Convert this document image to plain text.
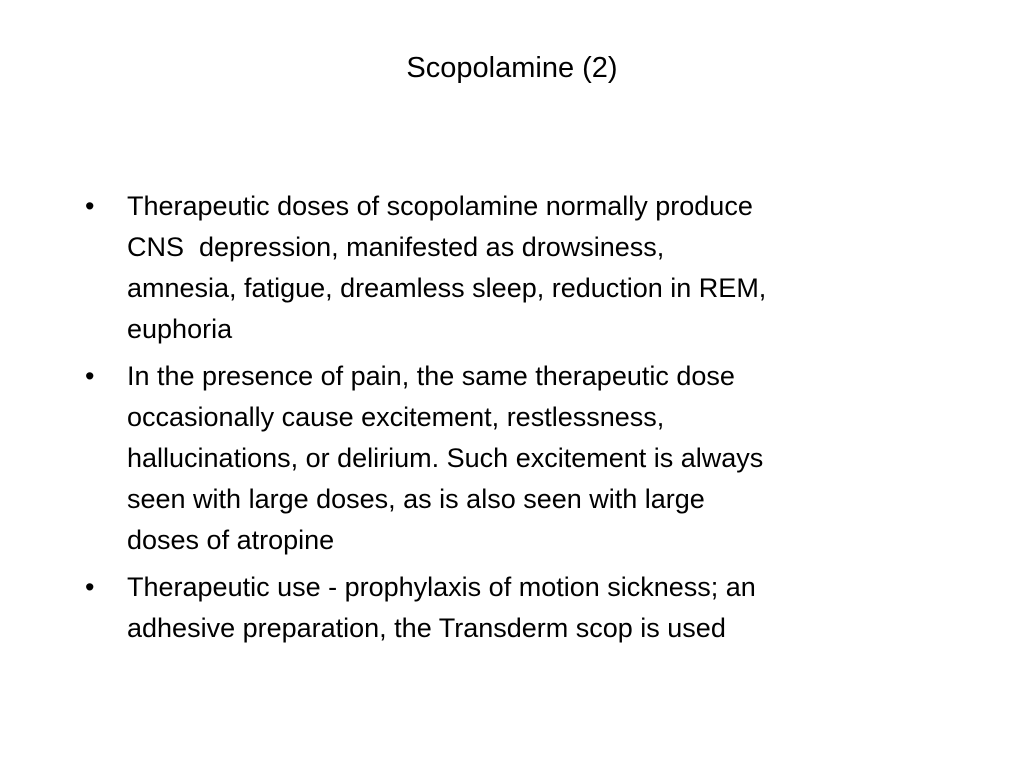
Scopolamine (2)
•	Therapeutic doses of scopolamine normally produce
CNS  depression, manifested as drowsiness,
amnesia, fatigue, dreamless sleep, reduction in REM,
euphoria
•	In the presence of pain, the same therapeutic dose
occasionally cause excitement, restlessness,
hallucinations, or delirium. Such excitement is always
seen with large doses, as is also seen with large
doses of atropine
•	Therapeutic use - prophylaxis of motion sickness; an
adhesive preparation, the Transderm scop is used
